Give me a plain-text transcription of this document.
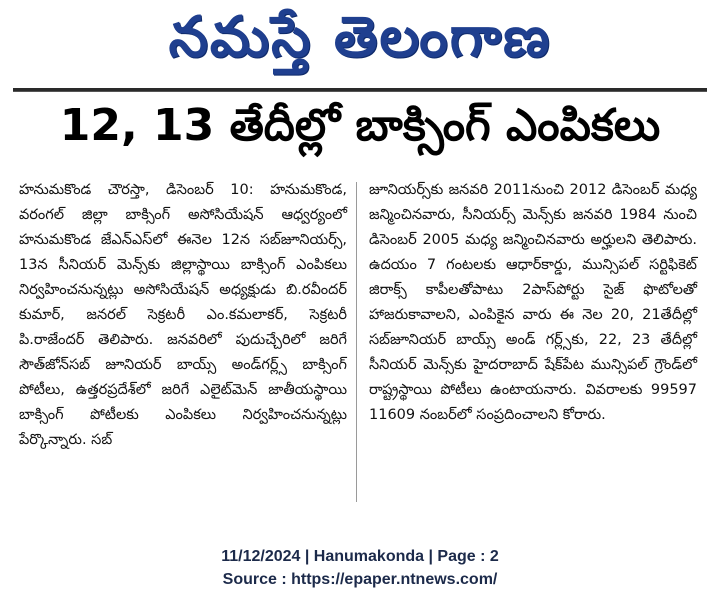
నమస్తే తెలంగాణ
12, 13 తేదీల్లో బాక్సింగ్ ఎంపికలు

హనుమకొండ చౌరస్తా, డిసెంబర్ 10: హనుమకొండ, వరంగల్ జిల్లా బాక్సింగ్ అసోసియేషన్ ఆధ్వర్యంలో హనుమకొండ జేఎన్ఎస్‌లో ఈనెల 12న సబ్‌జూనియర్స్, 13న సీనియర్ మెన్స్‌కు జిల్లాస్థాయి బాక్సింగ్ ఎంపికలు నిర్వహించనున్నట్లు అసోసియేషన్ అధ్యక్షుడు బి.రవీందర్ కుమార్, జనరల్ సెక్రటరీ ఎం.కమలాకర్, సెక్రటరీ పి.రాజేందర్ తెలిపారు. జనవరిలో పుదుచ్చేరిలో జరిగే సౌత్‌జోన్‌సబ్ జూనియర్ బాయ్స్ అండ్‌గర్ల్స్ బాక్సింగ్ పోటీలు, ఉత్తరప్రదేశ్‌లో జరిగే ఎలైట్‌మెన్ జాతీయస్థాయి బాక్సింగ్ పోటీలకు ఎంపికలు నిర్వహించనున్నట్లు పేర్కొన్నారు. సబ్

జూనియర్స్‌కు జనవరి 2011నుంచి 2012 డిసెంబర్ మధ్య జన్మించినవారు, సీనియర్స్ మెన్స్‌కు జనవరి 1984 నుంచి డిసెంబర్ 2005 మధ్య జన్మించినవారు అర్హులని తెలిపారు. ఉదయం 7 గంటలకు ఆధార్‌కార్డు, మున్సిపల్ సర్టిఫికెట్ జిరాక్స్ కాపీలతోపాటు 2పాస్‌పోర్టు సైజ్ ఫొటోలతో హాజరుకావాలని, ఎంపికైన వారు ఈ నెల 20, 21తేదీల్లో సబ్‌జూనియర్ బాయ్స్ అండ్ గర్ల్స్‌కు, 22, 23 తేదీల్లో సీనియర్ మెన్స్‌కు హైదరాబాద్ షేక్‌పేట మున్సిపల్ గ్రౌండ్‌లో రాష్ట్రస్థాయి పోటీలు ఉంటాయనారు. వివరాలకు 99597 11609 నంబర్‌లో సంప్రదించాలని కోరారు.

11/12/2024 | Hanumakonda | Page : 2
Source : https://epaper.ntnews.com/
